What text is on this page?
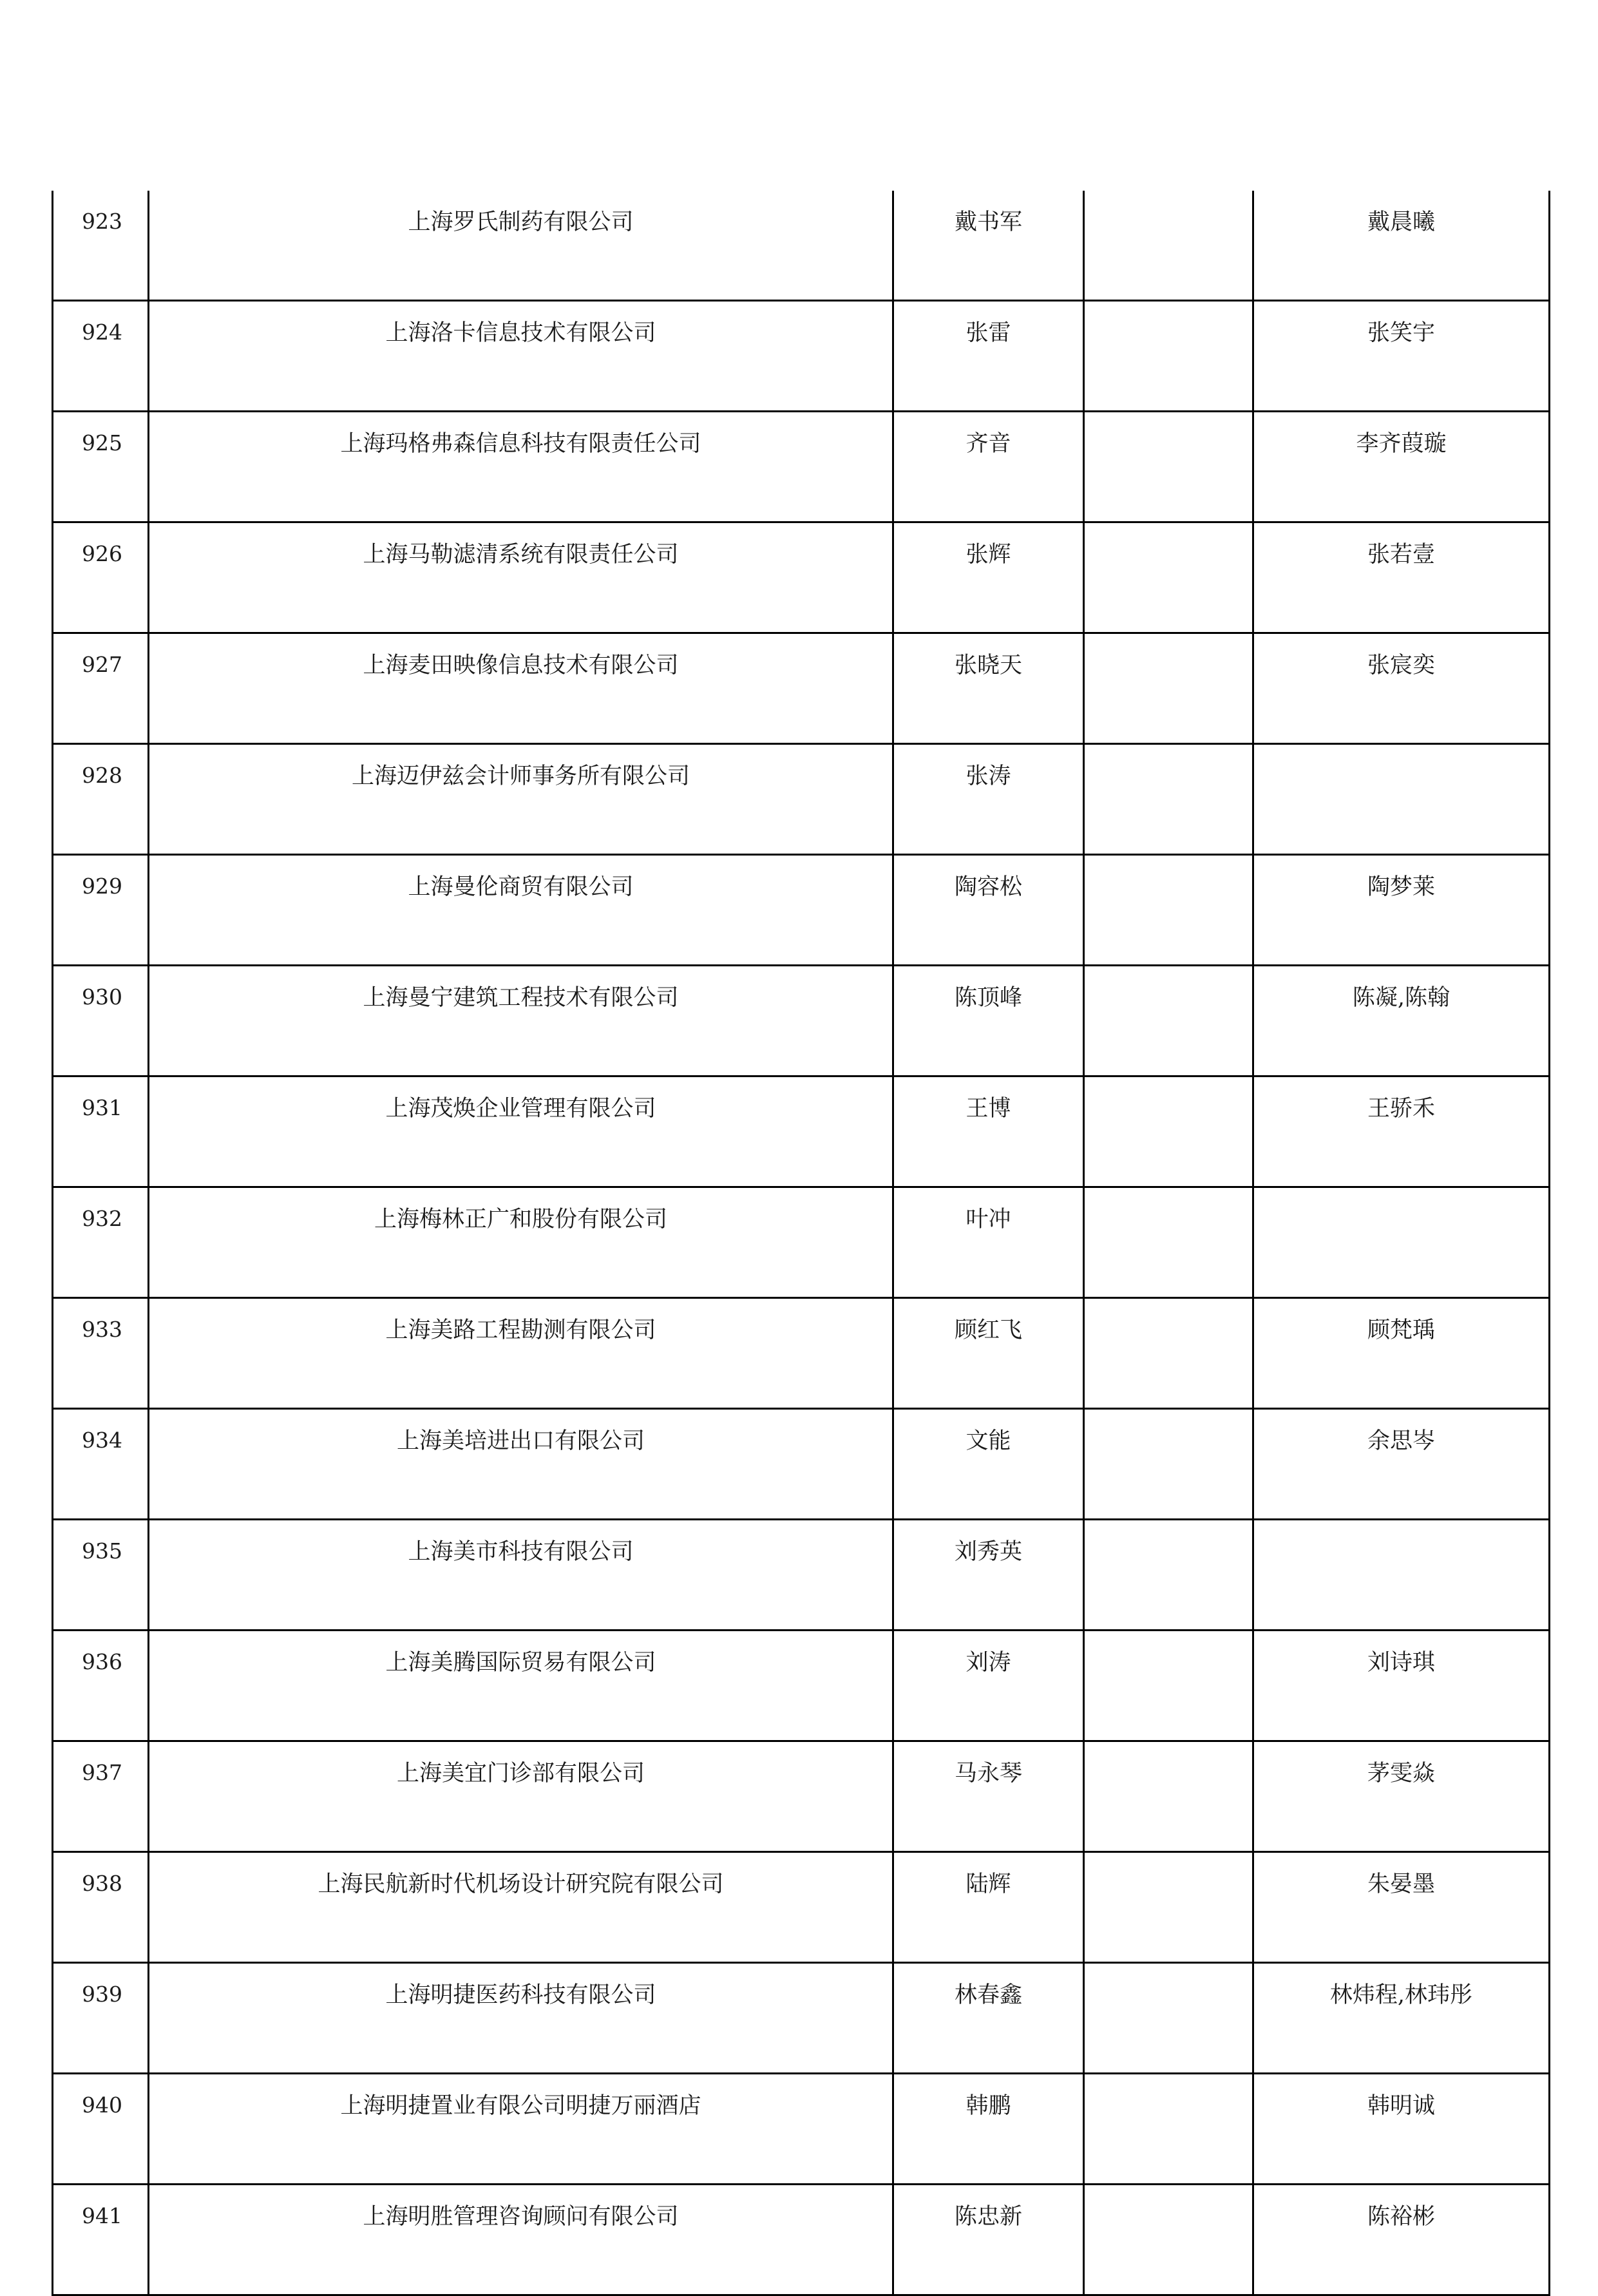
923	上海罗氏制药有限公司	戴书军		戴晨曦
924	上海洛卡信息技术有限公司	张雷		张笑宇
925	上海玛格弗森信息科技有限责任公司	齐音		李齐葭璇
926	上海马勒滤清系统有限责任公司	张辉		张若壹
927	上海麦田映像信息技术有限公司	张晓天		张宸奕
928	上海迈伊兹会计师事务所有限公司	张涛		
929	上海曼伦商贸有限公司	陶容松		陶梦莱
930	上海曼宁建筑工程技术有限公司	陈顶峰		陈凝,陈翰
931	上海茂焕企业管理有限公司	王博		王骄禾
932	上海梅林正广和股份有限公司	叶冲		
933	上海美路工程勘测有限公司	顾红飞		顾梵瑀
934	上海美培进出口有限公司	文能		余思岑
935	上海美市科技有限公司	刘秀英		
936	上海美腾国际贸易有限公司	刘涛		刘诗琪
937	上海美宜门诊部有限公司	马永琴		茅雯焱
938	上海民航新时代机场设计研究院有限公司	陆辉		朱晏墨
939	上海明捷医药科技有限公司	林春鑫		林炜程,林玮彤
940	上海明捷置业有限公司明捷万丽酒店	韩鹏		韩明诚
941	上海明胜管理咨询顾问有限公司	陈忠新		陈裕彬
